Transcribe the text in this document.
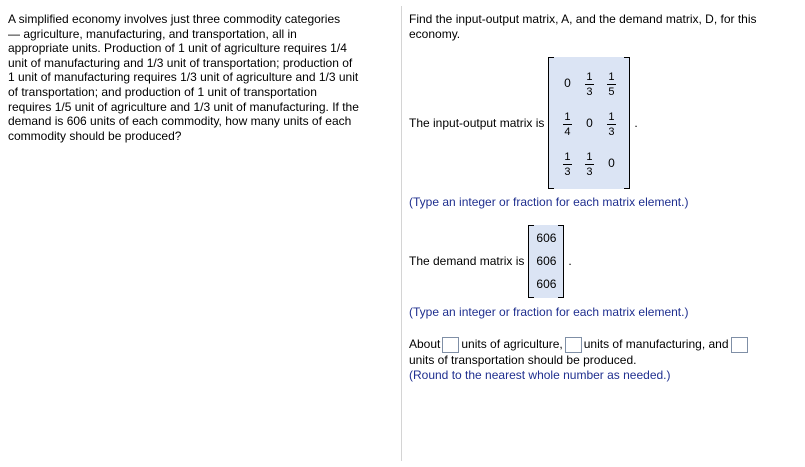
A simplified economy involves just three commodity categories
— agriculture, manufacturing, and transportation, all in
appropriate units. Production of 1 unit of agriculture requires 1/4
unit of manufacturing and 1/3 unit of transportation; production of
1 unit of manufacturing requires 1/3 unit of agriculture and 1/3 unit
of transportation; and production of 1 unit of transportation
requires 1/5 unit of agriculture and 1/3 unit of manufacturing. If the
demand is 606 units of each commodity, how many units of each
commodity should be produced?
Find the input-output matrix, A, and the demand matrix, D, for this
economy.
The input-output matrix is
0	$\frac{1}{3}$	$\frac{1}{5}$

$\frac{1}{4}$	0	$\frac{1}{3}$

$\frac{1}{3}$	$\frac{1}{3}$	0
.
(Type an integer or fraction for each matrix element.)
The demand matrix is
606
606
606
.
(Type an integer or fraction for each matrix element.)
About units of agriculture, units of manufacturing, and
units of transportation should be produced.
(Round to the nearest whole number as needed.)
